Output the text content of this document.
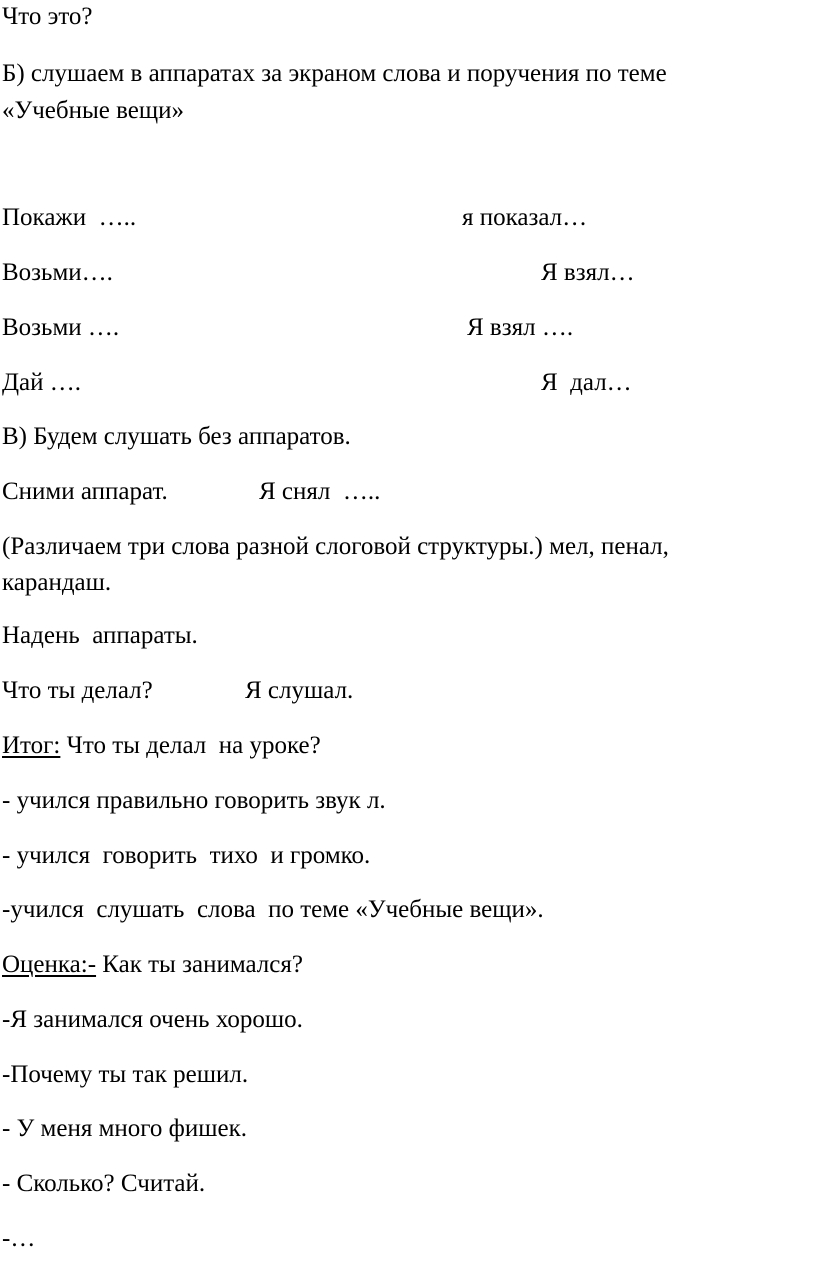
Что это?
Б) слушаем в аппаратах за экраном слова и поручения по теме
«Учебные вещи»
Покажи  …..	я показал…
Возьми….	Я взял…
Возьми ….	Я взял ….
Дай ….	Я  дал…
В) Будем слушать без аппаратов.
Сними аппарат.	Я снял  …..
(Различаем три слова разной слоговой структуры.) мел, пенал,
карандаш.
Надень  аппараты.
Что ты делал?	Я слушал.
Итог: Что ты делал  на уроке?
- учился правильно говорить звук л.
- учился  говорить  тихо  и громко.
-учился  слушать  слова  по теме «Учебные вещи».
Оценка:- Как ты занимался?
-Я занимался очень хорошо.
-Почему ты так решил.
- У меня много фишек.
- Сколько? Считай.
-…
